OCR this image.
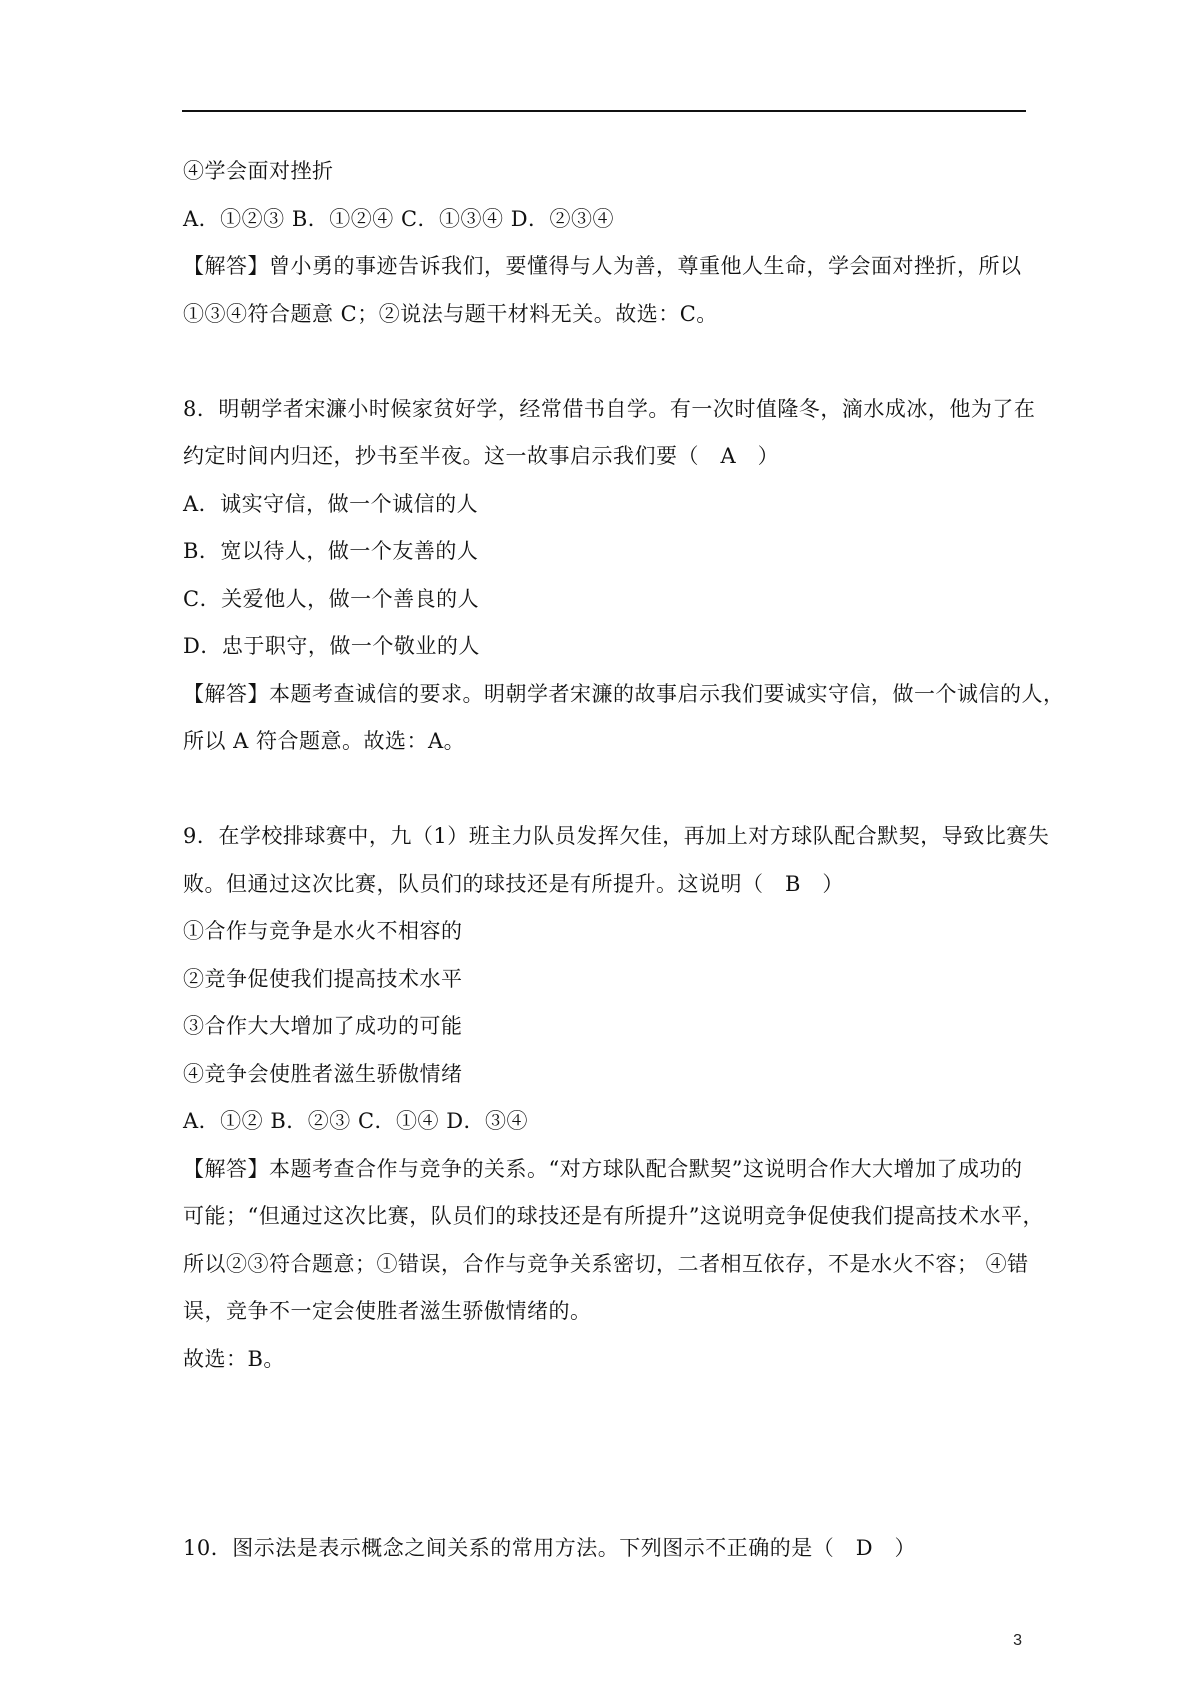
④学会面对挫折
A．①②③ B．①②④ C．①③④ D．②③④
【解答】曾小勇的事迹告诉我们，要懂得与人为善，尊重他人生命，学会面对挫折，所以
①③④符合题意 C；②说法与题干材料无关。故选：C。
8．明朝学者宋濂小时候家贫好学，经常借书自学。有一次时值隆冬，滴水成冰，他为了在
约定时间内归还，抄书至半夜。这一故事启示我们要（　A　）
A．诚实守信，做一个诚信的人
B．宽以待人，做一个友善的人
C．关爱他人，做一个善良的人
D．忠于职守，做一个敬业的人
【解答】本题考查诚信的要求。明朝学者宋濂的故事启示我们要诚实守信，做一个诚信的人，
所以 A 符合题意。故选：A。
9．在学校排球赛中，九（1）班主力队员发挥欠佳，再加上对方球队配合默契，导致比赛失
败。但通过这次比赛，队员们的球技还是有所提升。这说明（　B　）
①合作与竞争是水火不相容的
②竞争促使我们提高技术水平
③合作大大增加了成功的可能
④竞争会使胜者滋生骄傲情绪
A．①② B．②③ C．①④ D．③④
【解答】本题考查合作与竞争的关系。“对方球队配合默契”这说明合作大大增加了成功的
可能；“但通过这次比赛，队员们的球技还是有所提升”这说明竞争促使我们提高技术水平，
所以②③符合题意；①错误，合作与竞争关系密切，二者相互依存，不是水火不容； ④错
误，竞争不一定会使胜者滋生骄傲情绪的。
故选：B。
10．图示法是表示概念之间关系的常用方法。下列图示不正确的是（　D　）
3
